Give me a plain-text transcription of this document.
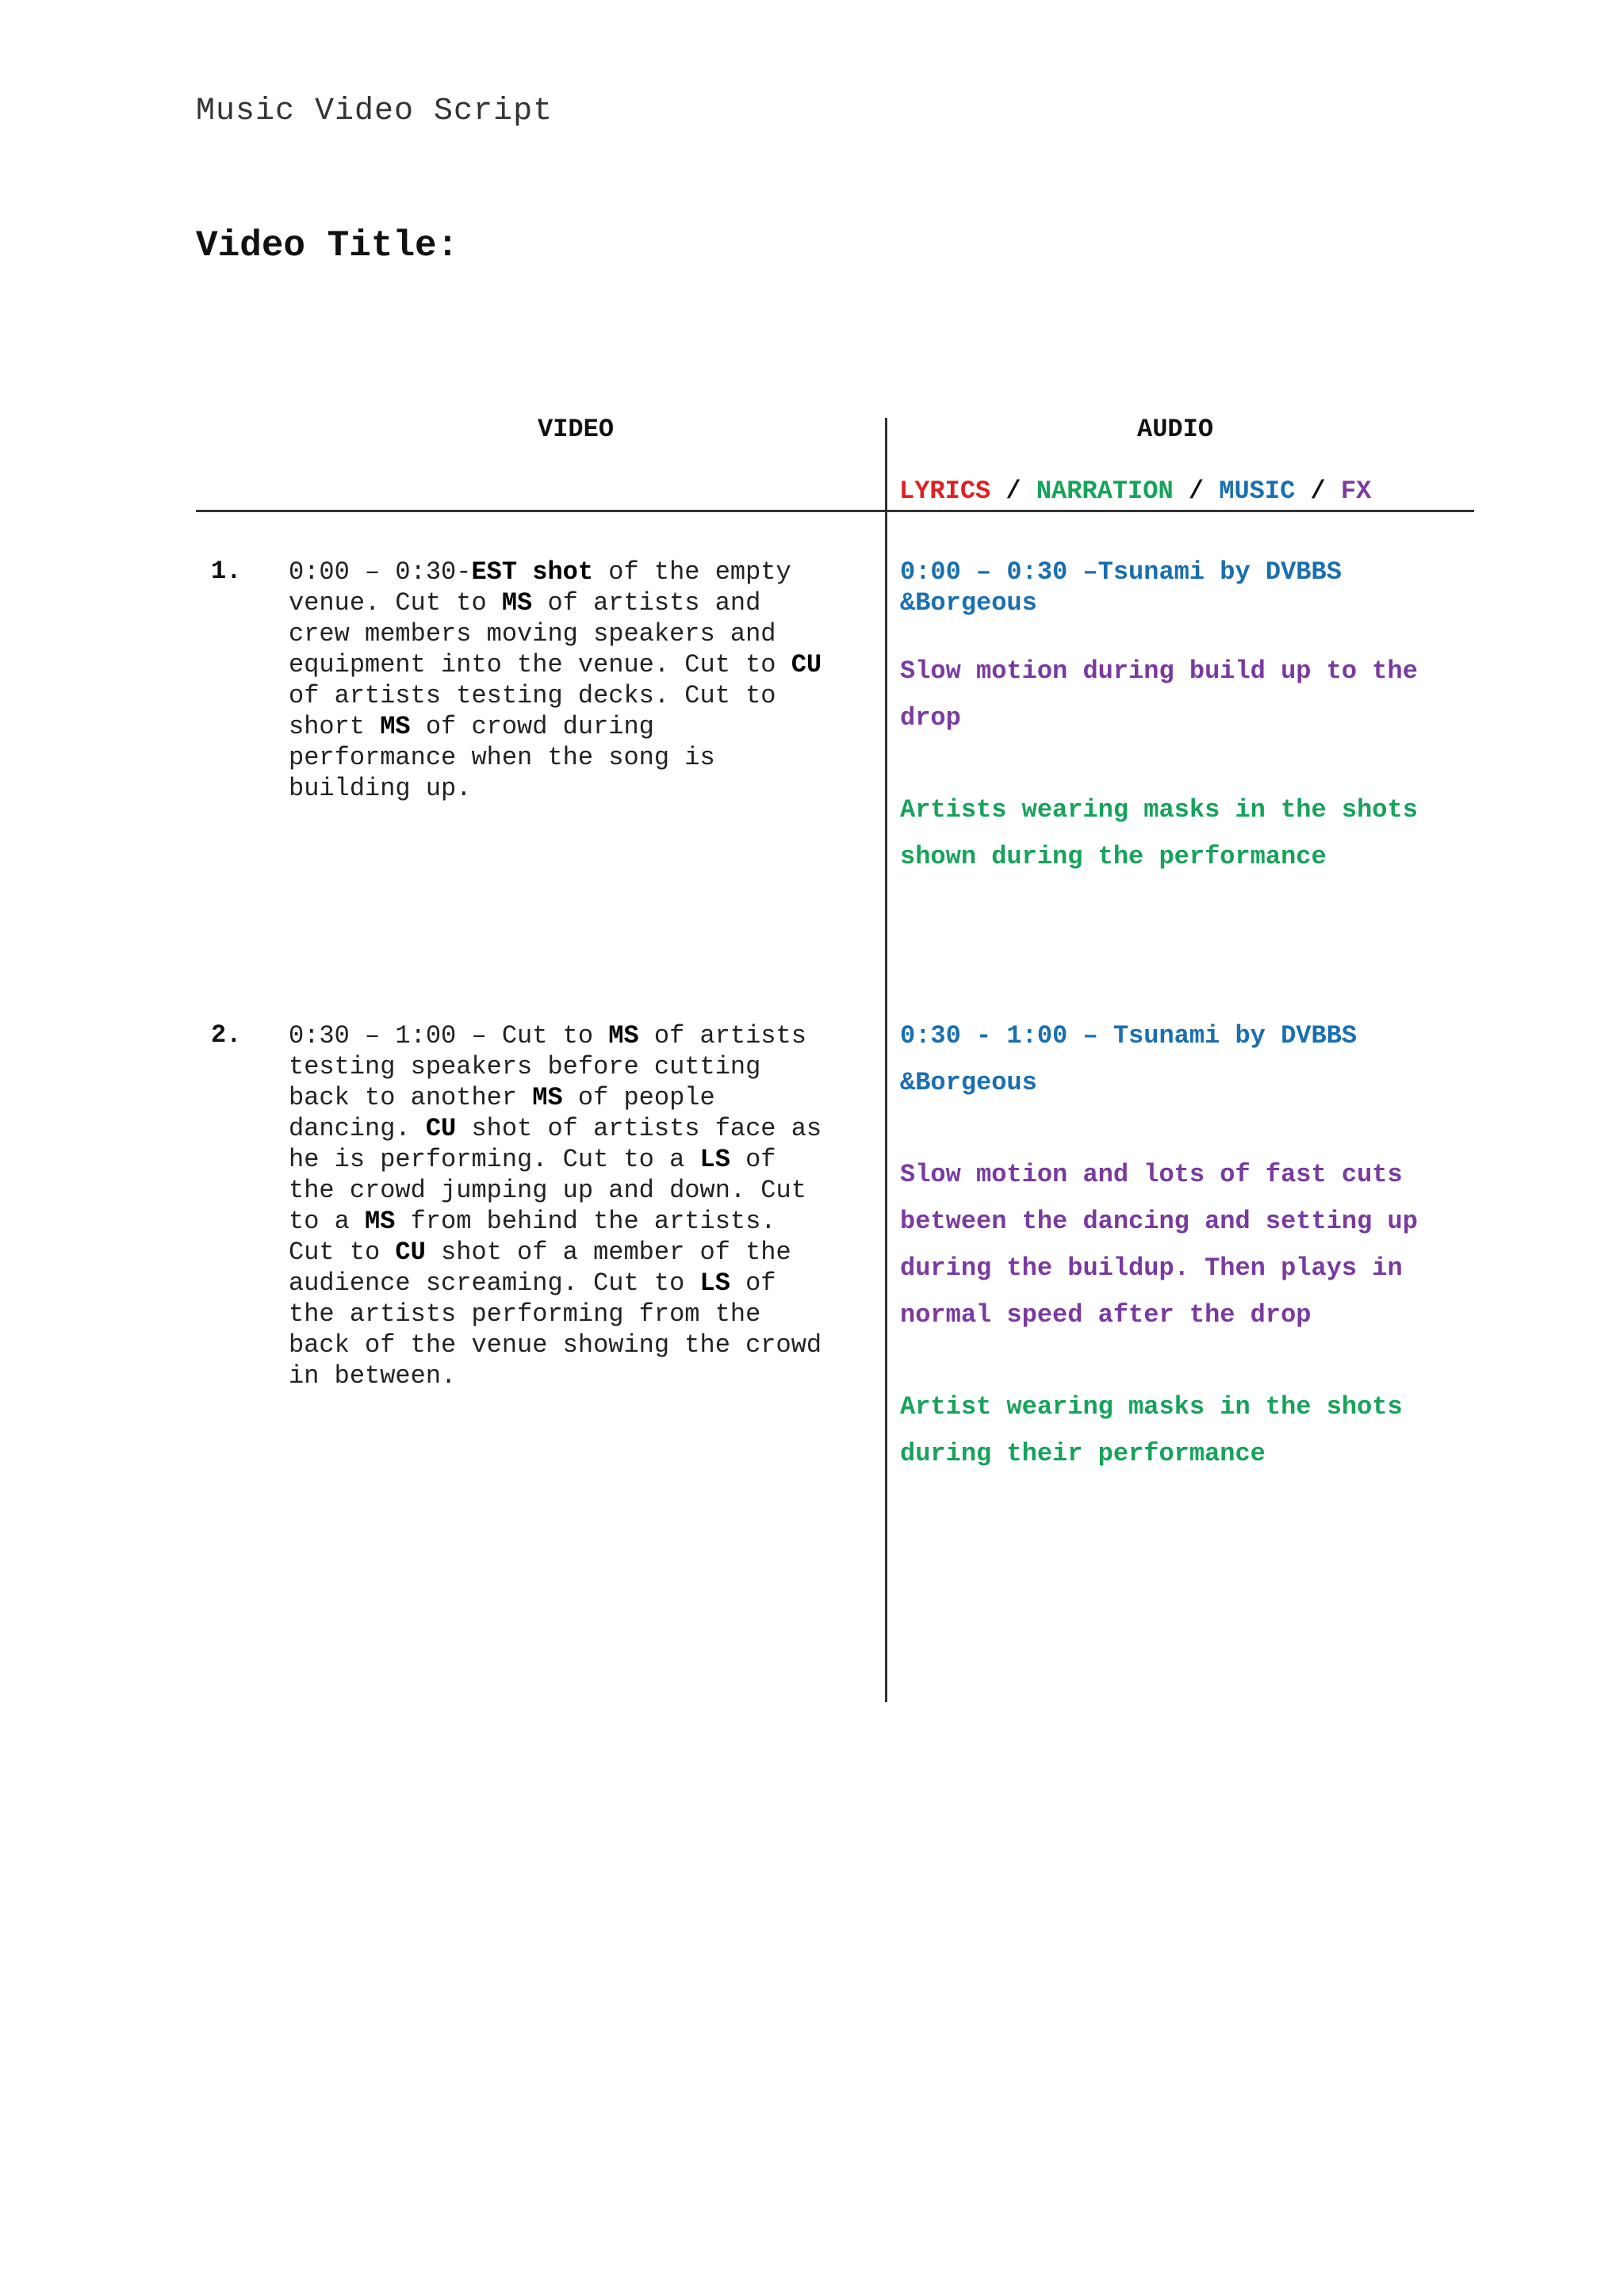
Music Video Script
Video Title:
VIDEO	AUDIO
LYRICS / NARRATION / MUSIC / FX
1. 0:00 – 0:30-EST shot of the empty
venue. Cut to MS of artists and
crew members moving speakers and
equipment into the venue. Cut to CU
of artists testing decks. Cut to
short MS of crowd during
performance when the song is
building up.

0:00 – 0:30 –Tsunami by DVBBS
&Borgeous

Slow motion during build up to the
drop

Artists wearing masks in the shots
shown during the performance

2. 0:30 – 1:00 – Cut to MS of artists
testing speakers before cutting
back to another MS of people
dancing. CU shot of artists face as
he is performing. Cut to a LS of
the crowd jumping up and down. Cut
to a MS from behind the artists.
Cut to CU shot of a member of the
audience screaming. Cut to LS of
the artists performing from the
back of the venue showing the crowd
in between.

0:30 - 1:00 – Tsunami by DVBBS
&Borgeous

Slow motion and lots of fast cuts
between the dancing and setting up
during the buildup. Then plays in
normal speed after the drop

Artist wearing masks in the shots
during their performance
